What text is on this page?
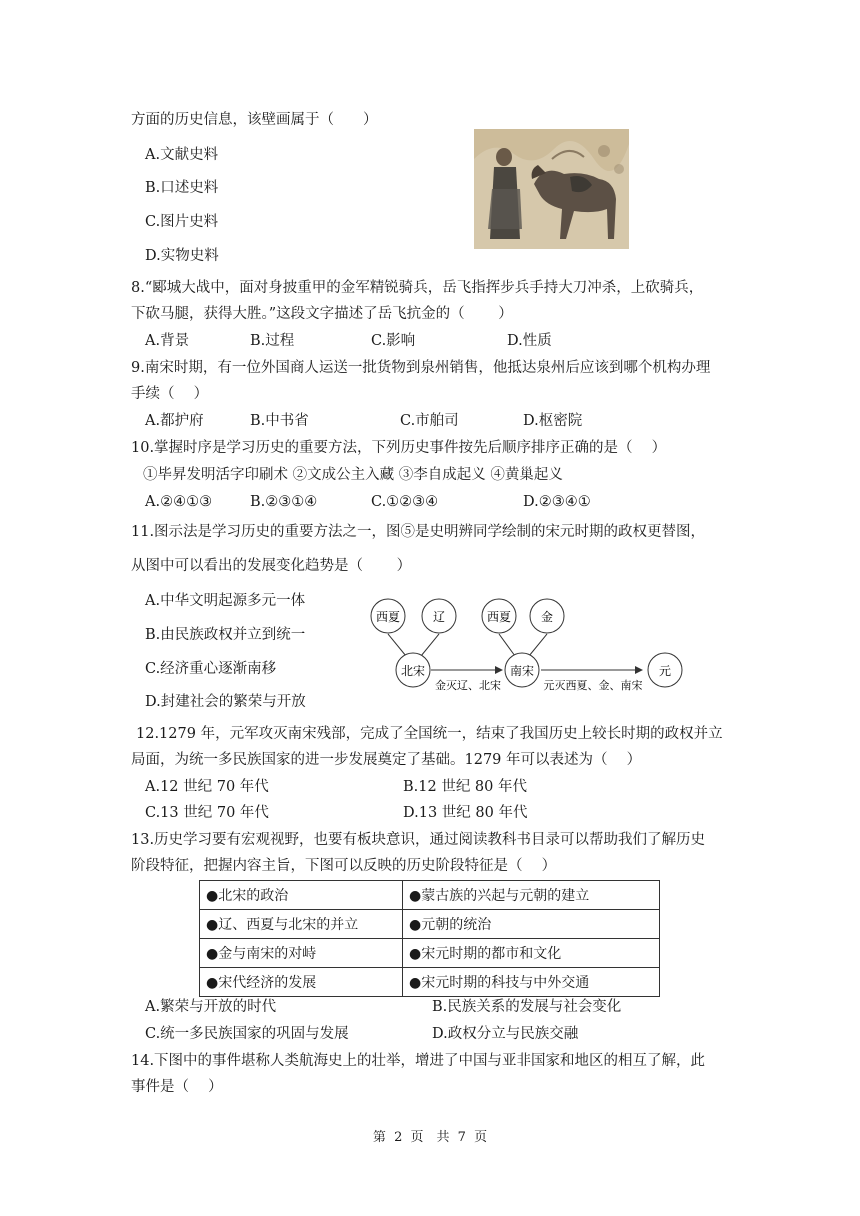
方面的历史信息，该壁画属于（　　）
A.文献史料
B.口述史料
C.图片史料
D.实物史料
8.“郾城大战中，面对身披重甲的金军精锐骑兵，岳飞指挥步兵手持大刀冲杀，上砍骑兵，
下砍马腿，获得大胜。”这段文字描述了岳飞抗金的（　　 ）
A.背景	B.过程	C.影响	D.性质
9.南宋时期，有一位外国商人运送一批货物到泉州销售，他抵达泉州后应该到哪个机构办理
手续（　 ）
A.都护府	B.中书省	C.市舶司	D.枢密院
10.掌握时序是学习历史的重要方法，下列历史事件按先后顺序排序正确的是（　 ）
①毕昇发明活字印刷术 ②文成公主入藏 ③李自成起义 ④黄巢起义
A.②④①③	B.②③①④	C.①②③④	D.②③④①
11.图示法是学习历史的重要方法之一，图⑤是史明辨同学绘制的宋元时期的政权更替图，
从图中可以看出的发展变化趋势是（　　 ）
A.中华文明起源多元一体
B.由民族政权并立到统一
C.经济重心逐渐南移
D.封建社会的繁荣与开放
西夏	辽	西夏 金
北宋	南宋	元
金灭辽、北宋	元灭西夏、金、南宋
12.1279 年，元军攻灭南宋残部，完成了全国统一，结束了我国历史上较长时期的政权并立
局面，为统一多民族国家的进一步发展奠定了基础。1279 年可以表述为（　 ）
A.12 世纪 70 年代	B.12 世纪 80 年代
C.13 世纪 70 年代	D.13 世纪 80 年代
13.历史学习要有宏观视野，也要有板块意识，通过阅读教科书目录可以帮助我们了解历史
阶段特征，把握内容主旨，下图可以反映的历史阶段特征是（　 ）
●北宋的政治	●蒙古族的兴起与元朝的建立
●辽、西夏与北宋的并立	●元朝的统治
●金与南宋的对峙	●宋元时期的都市和文化
●宋代经济的发展	●宋元时期的科技与中外交通
A.繁荣与开放的时代	B.民族关系的发展与社会变化
C.统一多民族国家的巩固与发展	D.政权分立与民族交融
14.下图中的事件堪称人类航海史上的壮举，增进了中国与亚非国家和地区的相互了解，此
事件是（　 ）
第 2 页　共 7 页
